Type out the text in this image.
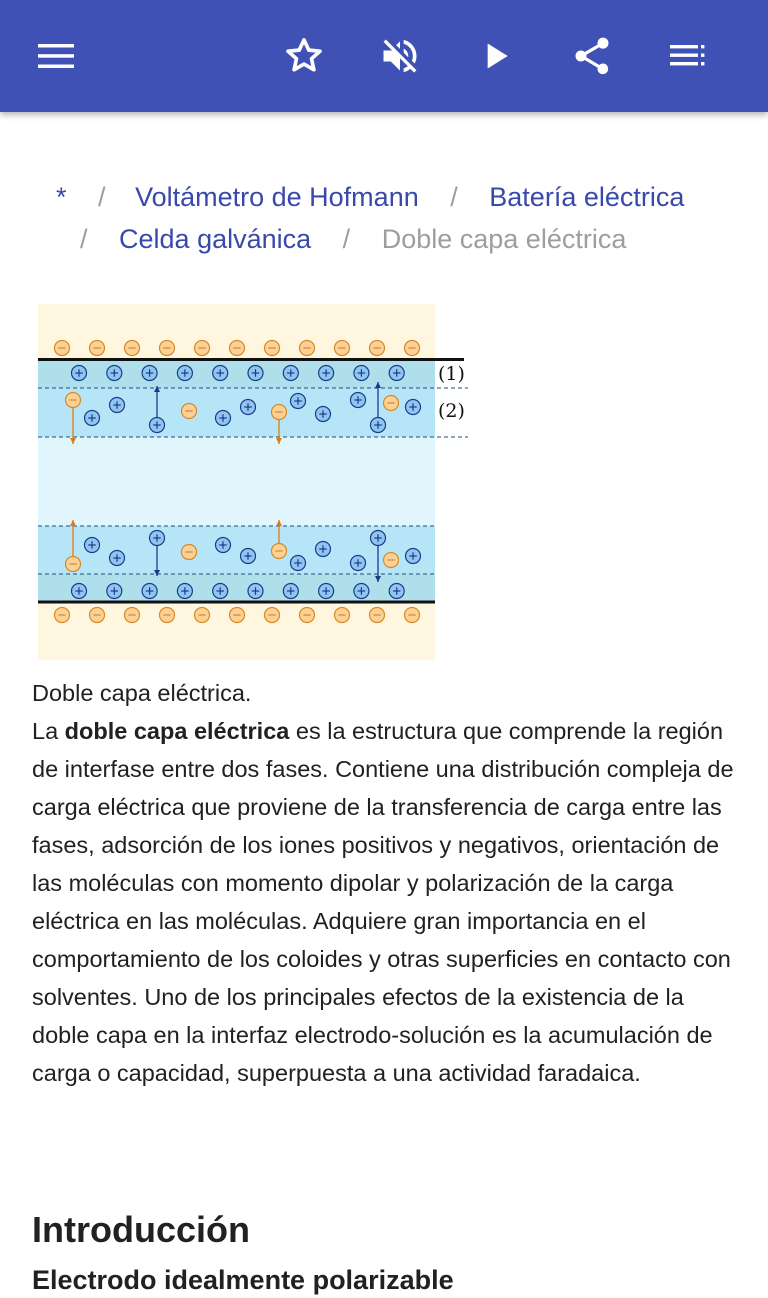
* / Voltámetro de Hofmann / Batería eléctrica
/ Celda galvánica / Doble capa eléctrica
(1)
(2)
Doble capa eléctrica.
La doble capa eléctrica es la estructura que comprende la región de interfase entre dos fases. Contiene una distribución compleja de carga eléctrica que proviene de la transferencia de carga entre las fases, adsorción de los iones positivos y negativos, orientación de las moléculas con momento dipolar y polarización de la carga eléctrica en las moléculas. Adquiere gran importancia en el comportamiento de los coloides y otras superficies en contacto con solventes. Uno de los principales efectos de la existencia de la doble capa en la interfaz electrodo-solución es la acumulación de carga o capacidad, superpuesta a una actividad faradaica.
Introducción
Electrodo idealmente polarizable
